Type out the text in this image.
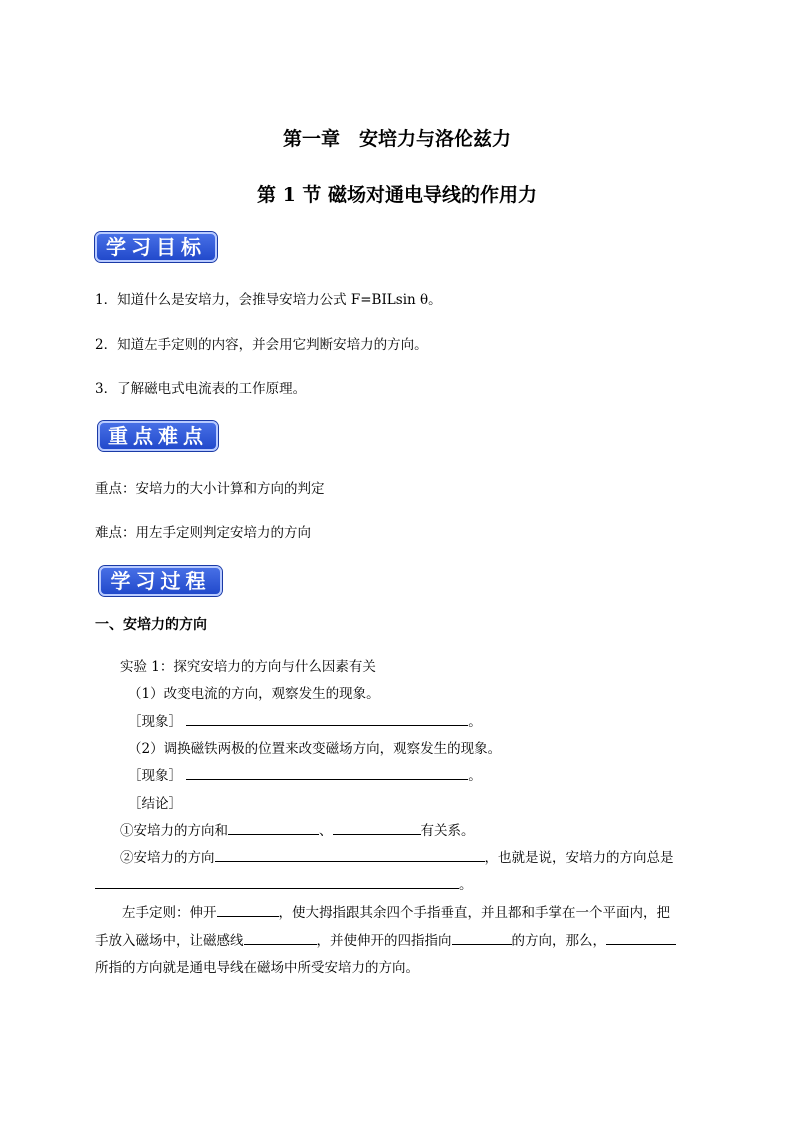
第一章　安培力与洛伦兹力
第 1 节 磁场对通电导线的作用力
学习目标
1．知道什么是安培力，会推导安培力公式 F=BILsin θ。
2．知道左手定则的内容，并会用它判断安培力的方向。
3．了解磁电式电流表的工作原理。
重点难点
重点：安培力的大小计算和方向的判定
难点：用左手定则判定安培力的方向
学习过程
一、安培力的方向
实验 1：探究安培力的方向与什么因素有关
（1）改变电流的方向，观察发生的现象。
［现象］	。
（2）调换磁铁两极的位置来改变磁场方向，观察发生的现象。
［现象］	。
［结论］
①安培力的方向和	、	有关系。
②安培力的方向	，也就是说，安培力的方向总是
。
左手定则：伸开	，使大拇指跟其余四个手指垂直，并且都和手掌在一个平面内，把
手放入磁场中，让磁感线	，并使伸开的四指指向	的方向，那么，
所指的方向就是通电导线在磁场中所受安培力的方向。
